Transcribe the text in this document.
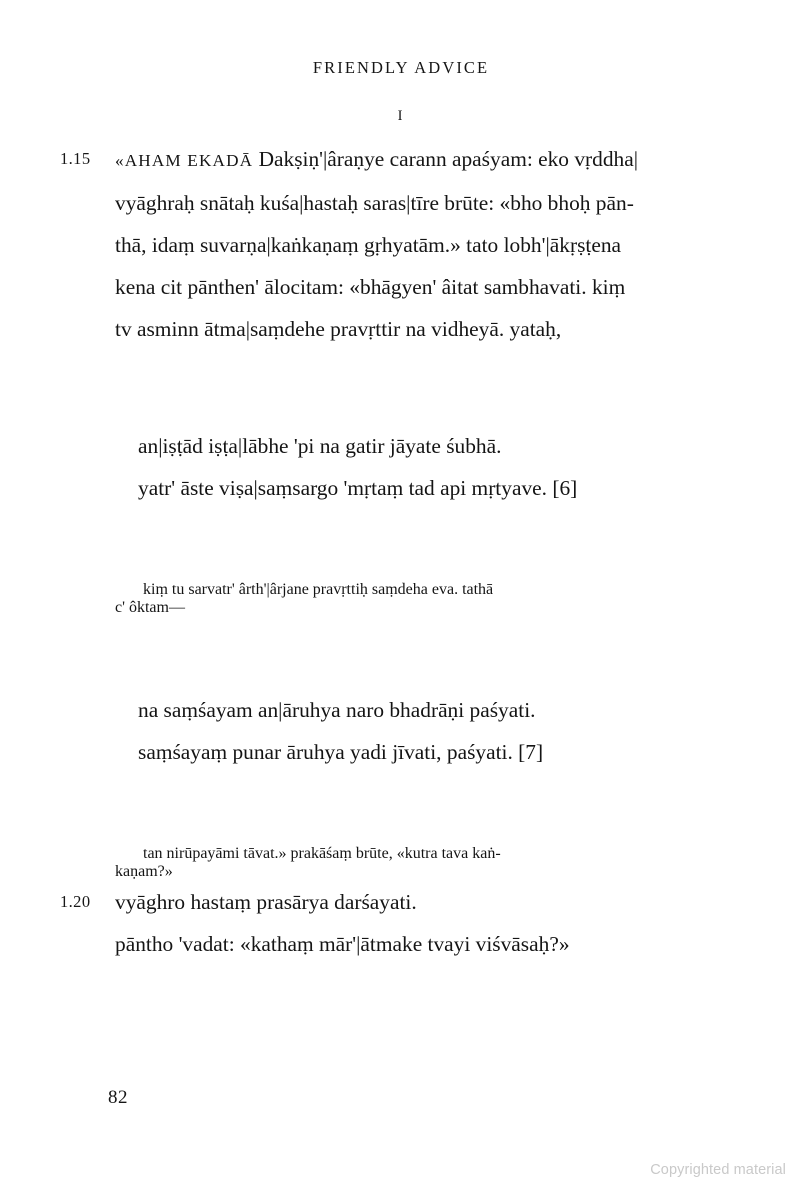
FRIENDLY ADVICE
I
1.15	«AHAM EKADĀ Dakṣiṇ'|âraṇye carann apaśyam: eko vṛddha|

vyāghraḥ snātaḥ kuśa|hastaḥ saras|tīre brūte: «bho bhoḥ pān-

thā, idaṃ suvarṇa|kaṅkaṇaṃ gṛhyatām.» tato lobh'|ākṛṣṭena

kena cit pānthen' ālocitam: «bhāgyen' âitat sambhavati. kiṃ

tv asminn ātma|saṃdehe pravṛttir na vidheyā. yataḥ,

an|iṣṭād iṣṭa|lābhe 'pi na gatir jāyate śubhā.

yatr' āste viṣa|saṃsargo 'mṛtaṃ tad api mṛtyave. [6]

kiṃ tu sarvatr' ârth'|ârjane pravṛttiḥ saṃdeha eva. tathā

c' ôktam—

na saṃśayam an|āruhya naro bhadrāṇi paśyati.

saṃśayaṃ punar āruhya yadi jīvati, paśyati. [7]

tan nirūpayāmi tāvat.» prakāśaṃ brūte, «kutra tava kaṅ-

kaṇam?»

1.20	vyāghro hastaṃ prasārya darśayati.

pāntho 'vadat: «kathaṃ mār'|ātmake tvayi viśvāsaḥ?»

82
Copyrighted material
